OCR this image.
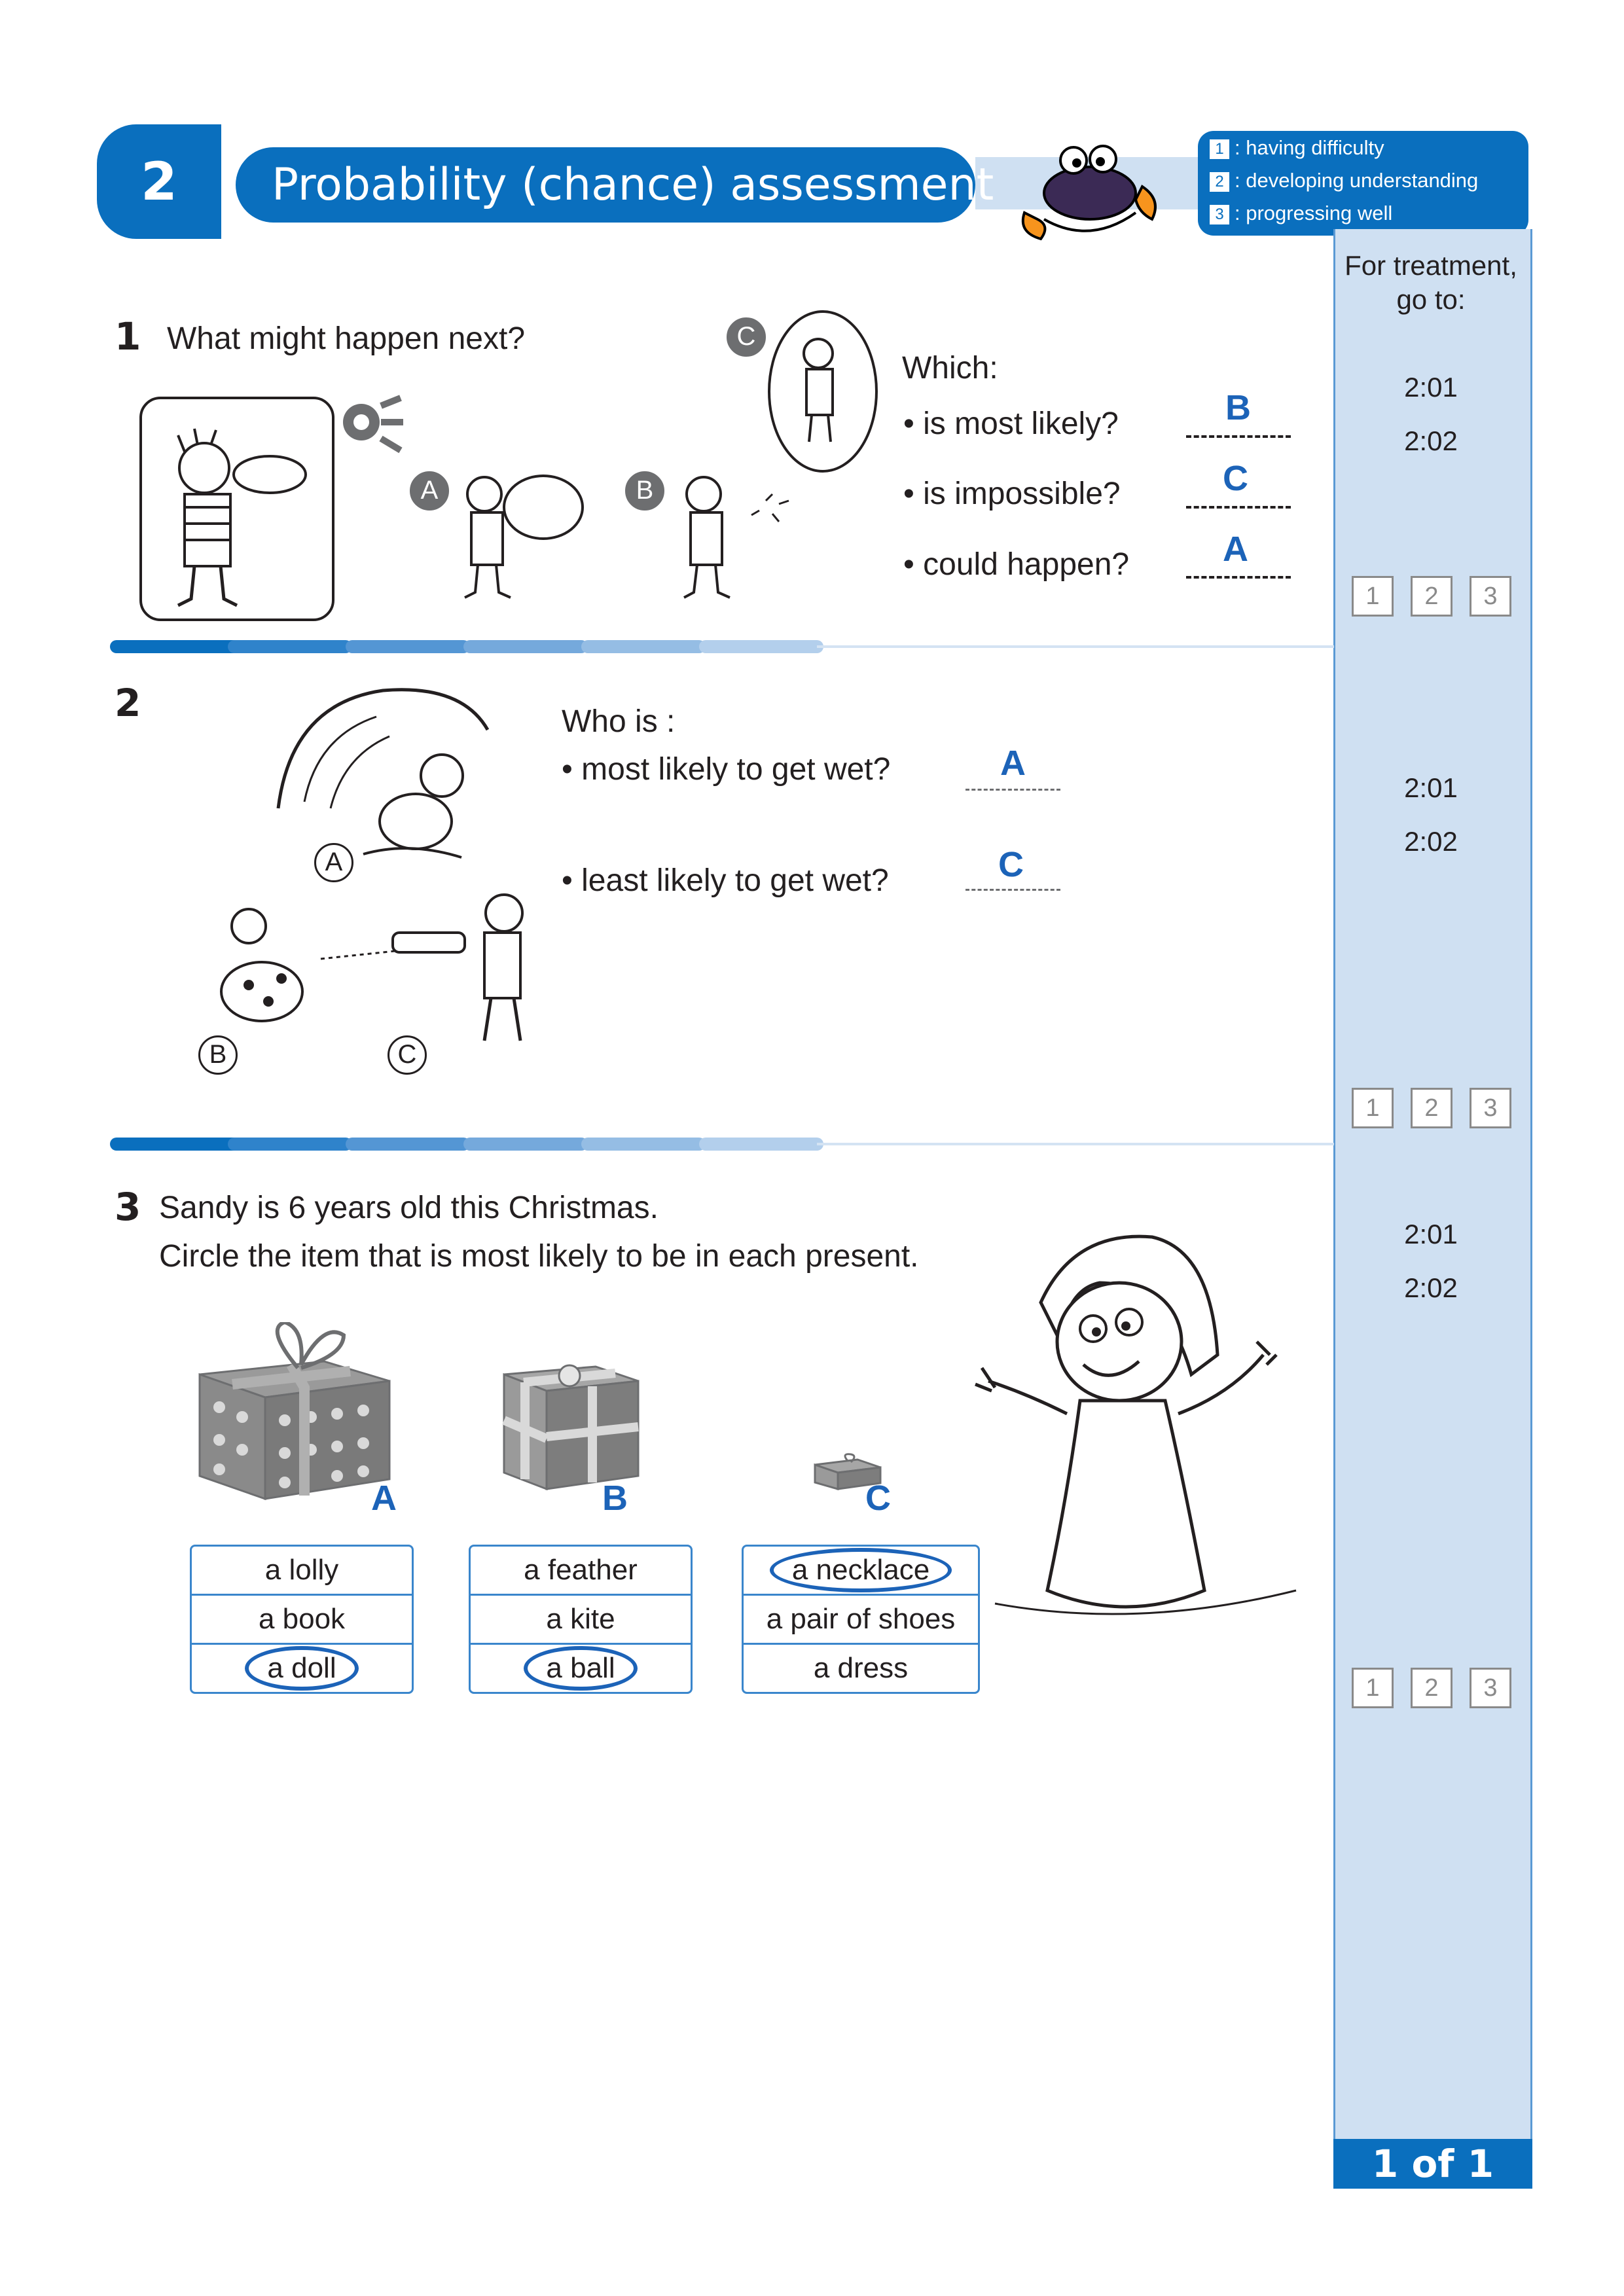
Probability (chance) assessment
2
1 : having difficulty
2 : developing understanding
3 : progressing well
For treatment,
go to:
2:01
2:02
1	2	3
2:01
2:02
1	2	3
2:01
2:02
1	2	3
1 of 1
1 What might happen next?
A	B
C
Which:
• is most likely?	B
• is impossible?	C
• could happen?	A
2
A
B	C
Who is :
• most likely to get wet?	A
• least likely to get wet?	C
3 Sandy is 6 years old this Christmas.
Circle the item that is most likely to be in each present.
A	B	C
a lolly
a book
a doll
a feather
a kite
a ball
a necklace
a pair of shoes
a dress
